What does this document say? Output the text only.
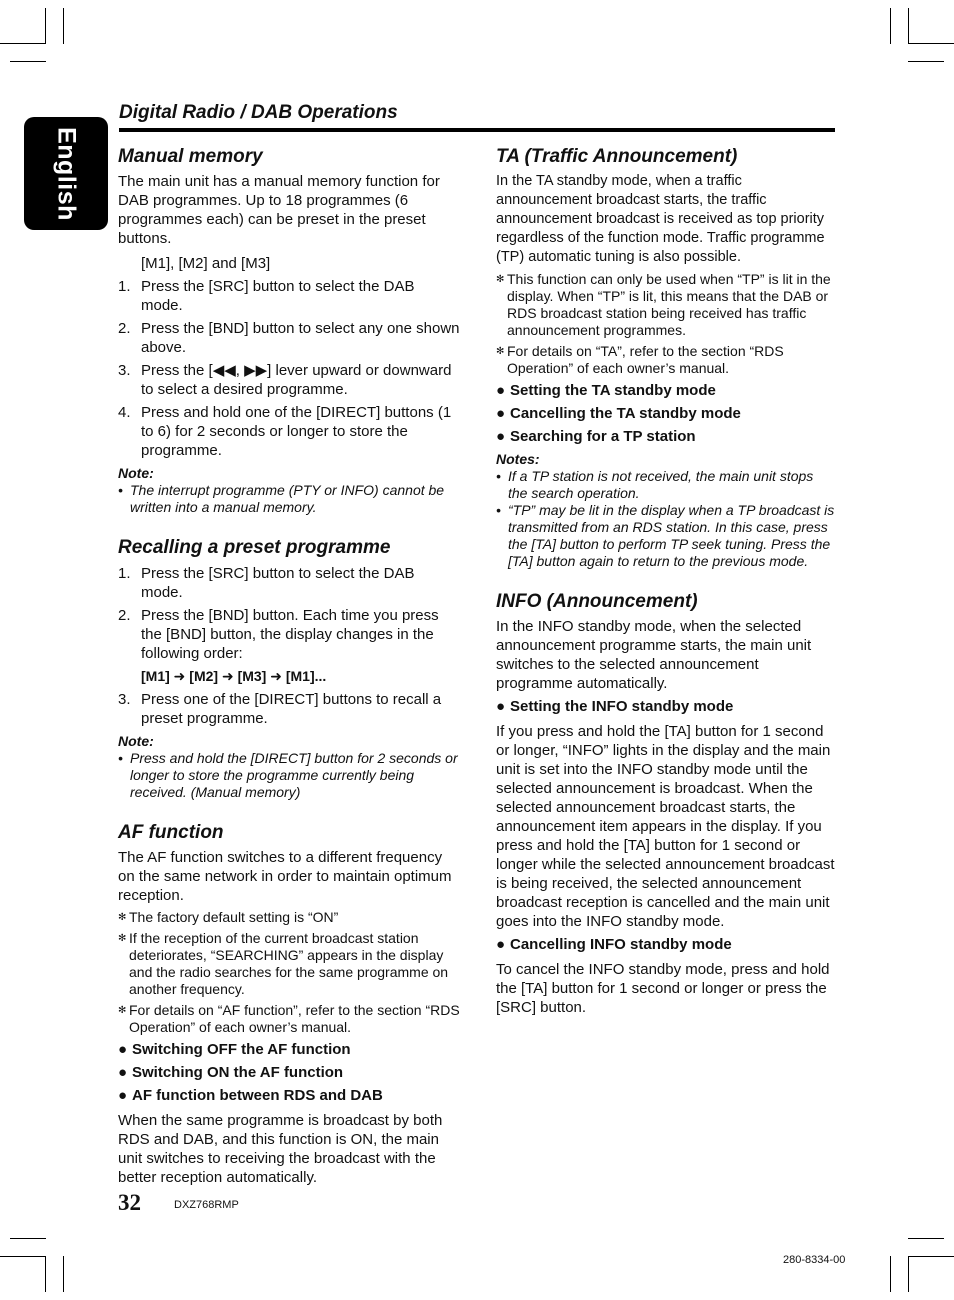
English
Digital Radio / DAB Operations
Manual memory

The main unit has a manual memory function for DAB programmes. Up to 18 programmes (6 programmes each) can be preset in the preset buttons.

[M1], [M2] and [M3]

1. Press the [SRC] button to select the DAB mode.
2. Press the [BND] button to select any one shown above.
3. Press the [◀◀, ▶▶] lever upward or downward to select a desired programme.
4. Press and hold one of the [DIRECT] buttons (1 to 6) for 2 seconds or longer to store the programme.

Note:

• The interrupt programme (PTY or INFO) cannot be written into a manual memory.

Recalling a preset programme
1. Press the [SRC] button to select the DAB mode.
2. Press the [BND] button. Each time you press the [BND] button, the display changes in the following order:

[M1] ➜ [M2] ➜ [M3] ➜ [M1]...

3. Press one of the [DIRECT] buttons to recall a preset programme.

Note:

• Press and hold the [DIRECT] button for 2 seconds or longer to store the programme currently being received. (Manual memory)

AF function

The AF function switches to a different frequency on the same network in order to maintain optimum reception.

✻ The factory default setting is “ON”

✻ If the reception of the current broadcast station deteriorates, “SEARCHING” appears in the display and the radio searches for the same programme on another frequency.

✻ For details on “AF function”, refer to the section “RDS Operation” of each owner’s manual.

● Switching OFF the AF function

● Switching ON the AF function

● AF function between RDS and DAB

When the same programme is broadcast by both RDS and DAB, and this function is ON, the main unit switches to receiving the broadcast with the better reception automatically.

TA (Traffic Announcement)

In the TA standby mode, when a traffic announcement broadcast starts, the traffic announcement broadcast is received as top priority regardless of the function mode. Traffic programme (TP) automatic tuning is also possible.

✻ This function can only be used when “TP” is lit in the display. When “TP” is lit, this means that the DAB or RDS broadcast station being received has traffic announcement programmes.

✻ For details on “TA”, refer to the section “RDS Operation” of each owner’s manual.

● Setting the TA standby mode

● Cancelling the TA standby mode

● Searching for a TP station

Notes:

• If a TP station is not received, the main unit stops the search operation.

• “TP” may be lit in the display when a TP broadcast is transmitted from an RDS station. In this case, press the [TA] button to perform TP seek tuning. Press the [TA] button again to return to the previous mode.

INFO (Announcement)

In the INFO standby mode, when the selected announcement programme starts, the main unit switches to the selected announcement programme automatically.

● Setting the INFO standby mode

If you press and hold the [TA] button for 1 second or longer, “INFO” lights in the display and the main unit is set into the INFO standby mode until the selected announcement is broadcast. When the selected announcement broadcast starts, the announcement item appears in the display. If you press and hold the [TA] button for 1 second or longer while the selected announcement broadcast is being received, the selected announcement broadcast reception is cancelled and the main unit goes into the INFO standby mode.

● Cancelling INFO standby mode

To cancel the INFO standby mode, press and hold the [TA] button for 1 second or longer or press the [SRC] button.

32	DXZ768RMP
280-8334-00
